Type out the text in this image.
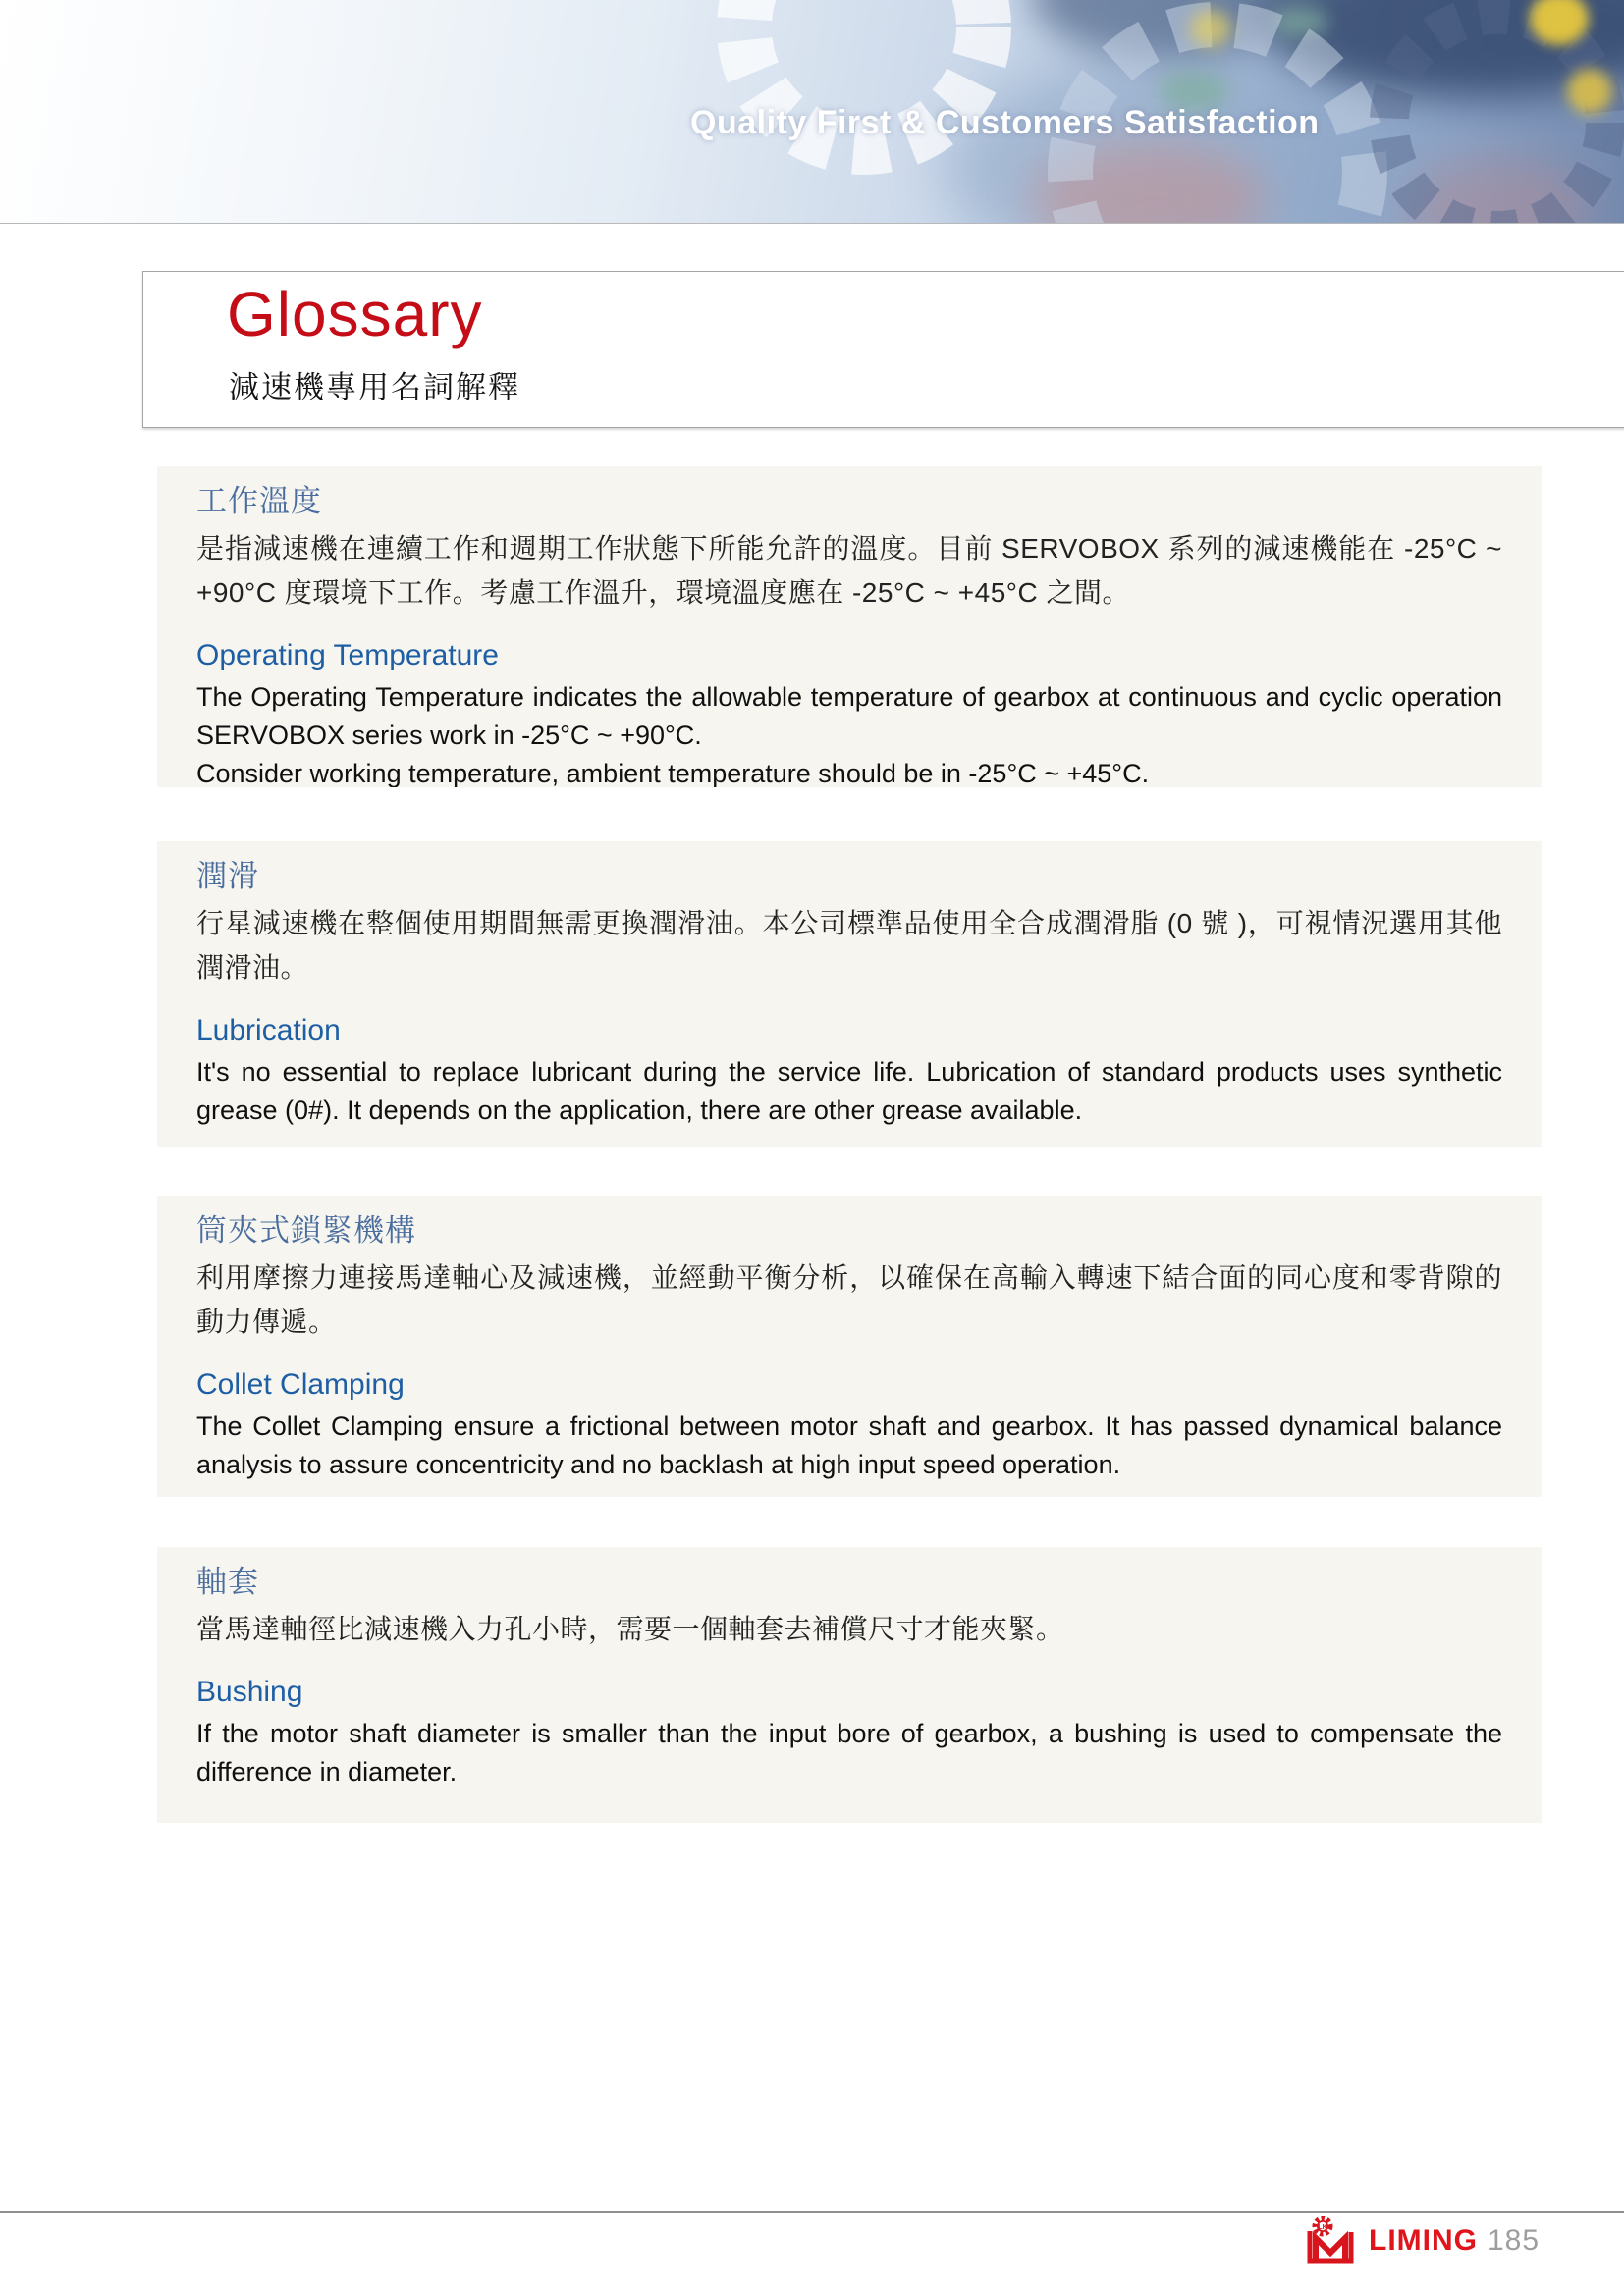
Quality First & Customers Satisfaction
Glossary
減速機專用名詞解釋
工作溫度

是指減速機在連續工作和週期工作狀態下所能允許的溫度。目前 SERVOBOX 系列的減速機能在 -25°C ~ +90°C 度環境下工作。考慮工作溫升，環境溫度應在 -25°C ~ +45°C 之間。

Operating Temperature

The Operating Temperature indicates the allowable temperature of gearbox at continuous and cyclic operation SERVOBOX series work in -25°C ~ +90°C.

Consider working temperature, ambient temperature should be in -25°C ~ +45°C.

潤滑

行星減速機在整個使用期間無需更換潤滑油。本公司標準品使用全合成潤滑脂 (0 號 )，可視情況選用其他潤滑油。

Lubrication

It's no essential to replace lubricant during the service life. Lubrication of standard products uses synthetic grease (0#). It depends on the application, there are other grease available.

筒夾式鎖緊機構

利用摩擦力連接馬達軸心及減速機，並經動平衡分析，以確保在高輸入轉速下結合面的同心度和零背隙的動力傳遞。

Collet Clamping

The Collet Clamping ensure a frictional between motor shaft and gearbox. It has passed dynamical balance analysis to assure concentricity and no backlash at high input speed operation.

軸套

當馬達軸徑比減速機入力孔小時，需要一個軸套去補償尺寸才能夾緊。

Bushing

If the motor shaft diameter is smaller than the input bore of gearbox, a bushing is used to compensate the difference in diameter.

LK LIMING 185
